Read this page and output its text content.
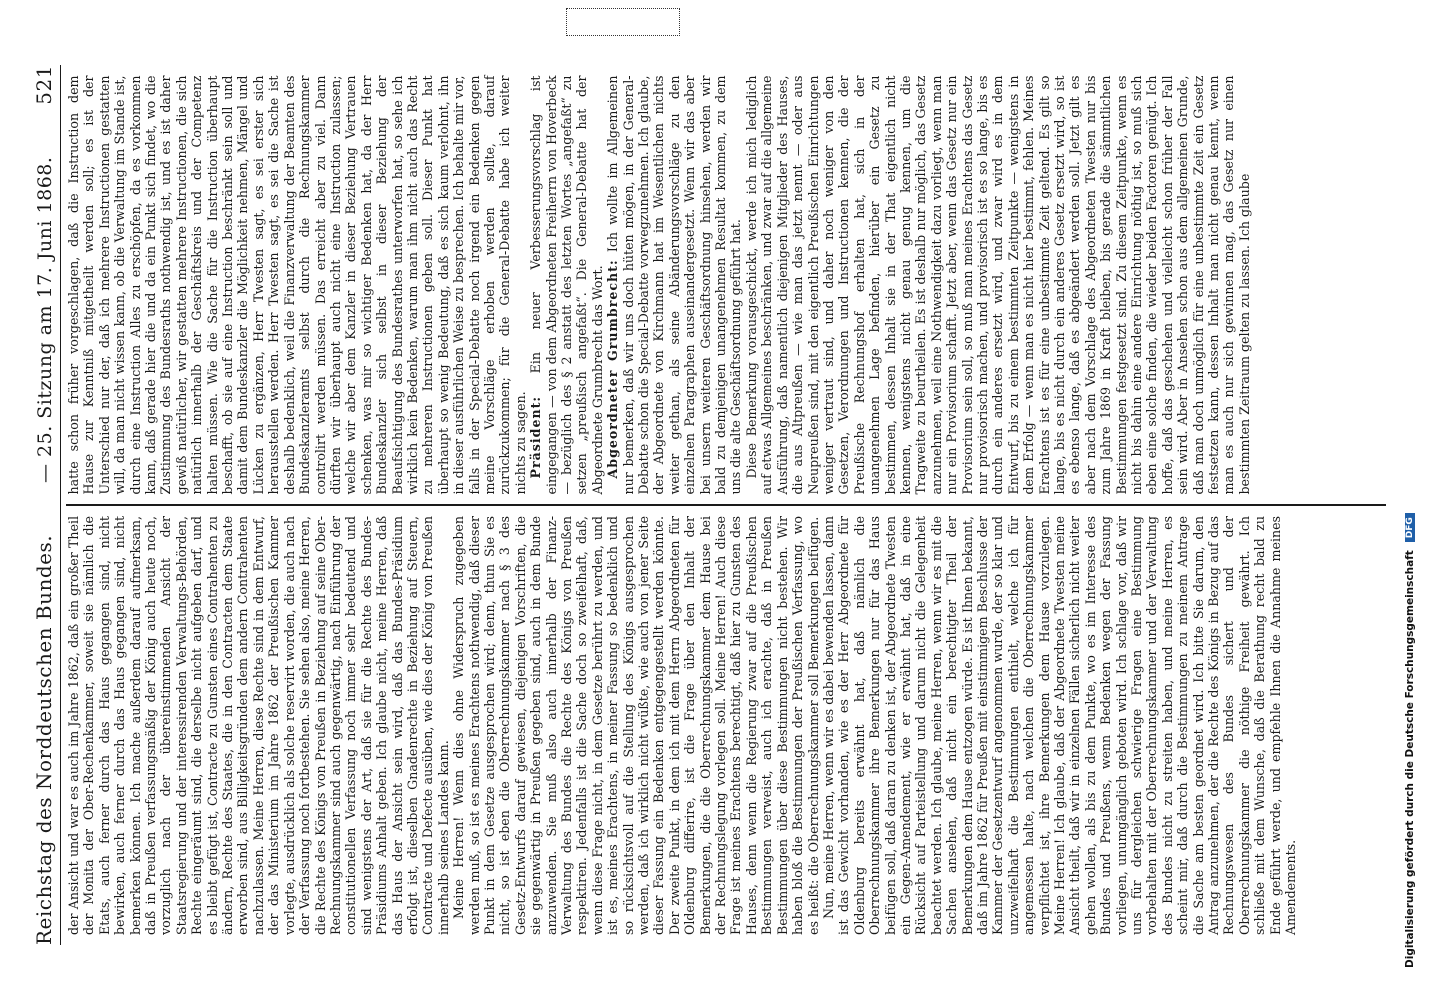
Reichstag des Norddeutschen Bundes.
— 25. Sitzung am 17. Juni 1868.
521

der Ansicht und war es auch im Jahre 1862, daß ein großer Theil der Monita der Ober-Rechenkammer, soweit sie nämlich die Etats, auch ferner durch das Haus gegangen sind, nicht bewirken, auch ferner durch das Haus gegangen sind, nicht bemerken können. Ich mache außerdem darauf aufmerksam, daß in Preußen verfassungsmäßig der König auch heute noch, vorzuglich nach der übereinstimmenden Ansicht der Staatsregierung und der interessirenden Verwaltungs-Behörden, Rechte eingeräumt sind, die derselbe nicht aufgeben darf, und es bleibt gefügt ist, Contracte zu Gunsten eines Contrahenten zu ändern, Rechte des Staates, die in den Contracten dem Staate erworben sind, aus Billigkeitsgründen dem andern Contrahenten nachzulassen. Meine Herren, diese Rechte sind in dem Entwurf, der das Ministerium im Jahre 1862 der Preußischen Kammer vorlegte, ausdrücklich als solche reservirt worden, die auch nach der Verfassung noch fortbestehen. Sie sehen also, meine Herren, die Rechte des Königs von Preußen in Beziehung auf seine Ober-Rechnungskammer sind auch gegenwärtig, nach Einführung der constitutionellen Verfassung noch immer sehr bedeutend und sind wenigstens der Art, daß sie für die Rechte des Bundes-Präsidiums Anhalt geben. Ich glaube nicht, meine Herren, daß das Haus der Ansicht sein wird, daß das Bundes-Präsidium erfolgt ist, dieselben Gnadenrechte in Beziehung auf Steuern, Contracte und Defecte ausüben, wie dies der König von Preußen innerhalb seines Landes kann. Meine Herren! Wenn dies ohne Widerspruch zugegeben werden muß, so ist es meines Erachtens nothwendig, daß dieser Punkt in dem Gesetze ausgesprochen wird; denn, thun Sie es nicht, so ist eben die Oberrechnungskammer nach § 3 des Gesetz-Entwurfs darauf gewiesen, diejenigen Vorschriften, die sie gegenwärtig in Preußen gegeben sind, auch in dem Bunde anzuwenden. Sie muß also auch innerhalb der Finanz-Verwaltung des Bundes die Rechte des Königs von Preußen respektiren. Jedenfalls ist die Sache doch so zweifelhaft, daß, wenn diese Frage nicht, in dem Gesetze berührt zu werden, und ist es, meines Erachtens, in meiner Fassung so bedenklich und so rücksichtsvoll auf die Stellung des Königs ausgesprochen werden, daß ich wirklich nicht wüßte, wie auch von jener Seite dieser Fassung ein Bedenken entgegengestellt werden könnte. Der zweite Punkt, in dem ich mit dem Herrn Abgeordneten für Oldenburg differire, ist die Frage über den Inhalt der Bemerkungen, die die Oberrechnungskammer dem Hause bei der Rechnungslegung vorlegen soll. Meine Herren! Auch diese Frage ist meines Erachtens berechtigt, daß hier zu Gunsten des Hauses, denn wenn die Regierung zwar auf die Preußischen Bestimmungen verweist, auch ich erachte, daß in Preußen Bestimmungen über diese Bestimmungen nicht bestehen. Wir haben bloß die Bestimmungen der Preußischen Verfassung, wo es heißt: die Oberrechnungskammer soll Bemerkungen beifügen. Nun, meine Herren, wenn wir es dabei bewenden lassen, dann ist das Gewicht vorhanden, wie es der Herr Abgeordnete für Oldenburg bereits erwähnt hat, daß nämlich die Oberrechnungskammer ihre Bemerkungen nur für das Haus beifügen soll, daß daran zu denken ist, der Abgeordnete Twesten ein Gegen-Amendement, wie er erwähnt hat, daß in eine Rücksicht auf Parteistellung und darum nicht die Gelegenheit beachtet werden. Ich glaube, meine Herren, wenn wir es mit die Sachen ansehen, daß nicht ein berechtigter Theil der Bemerkungen dem Hause entzogen würde. Es ist Ihnen bekannt, daß im Jahre 1862 für Preußen mit einstimmigem Beschlusse der Kammer der Gesetzentwurf angenommen wurde, der so klar und unzweifelhaft die Bestimmungen enthielt, welche ich für angemessen halte, nach welchen die Oberrechnungskammer verpflichtet ist, ihre Bemerkungen dem Hause vorzulegen. Meine Herren! Ich glaube, daß der Abgeordnete Twesten meine Ansicht theilt, daß wir in einzelnen Fällen sicherlich nicht weiter gehen wollen, als bis zu dem Punkte, wo es im Interesse des Bundes und Preußens, wenn Bedenken wegen der Fassung vorliegen, unumgänglich geboten wird. Ich schlage vor, daß wir uns für dergleichen schwierige Fragen eine Bestimmung vorbehalten mit der Oberrechnungskammer und der Verwaltung des Bundes nicht zu streiten haben, und meine Herren, es scheint mir, daß durch die Bestimmungen zu meinem Antrage die Sache am besten geordnet wird. Ich bitte Sie darum, den Antrag anzunehmen, der die Rechte des Königs in Bezug auf das Rechnungswesen des Bundes sichert und der Oberrechnungskammer die nöthige Freiheit gewährt. Ich schließe mit dem Wunsche, daß die Berathung recht bald zu Ende geführt werde, und empfehle Ihnen die Annahme meines Amendements.

hatte schon früher vorgeschlagen, daß die Instruction dem Hause zur Kenntniß mitgetheilt werden soll; es ist der Unterschied nur der, daß ich mehrere Instructionen gestatten will, da man nicht wissen kann, ob die Verwaltung im Stande ist, durch eine Instruction Alles zu erschöpfen, da es vorkommen kann, daß gerade hier die und da ein Punkt sich findet, wo die Zustimmung des Bundesraths nothwendig ist, und es ist daher gewiß natürlicher, wir gestatten mehrere Instructionen, die sich natürlich innerhalb der Geschäftskreis und der Competenz halten müssen. Wie die Sache für die Instruction überhaupt beschafft, ob sie auf eine Instruction beschränkt sein soll und damit dem Bundeskanzler die Möglichkeit nehmen, Mängel und Lücken zu ergänzen, Herr Twesten sagt, es sei erster sich herausstellen werden. Herr Twesten sagt, es sei die Sache ist deshalb bedenklich, weil die Finanzverwaltung der Beamten des Bundeskanzleramts selbst durch die Rechnungskammer controlirt werden müssen. Das erreicht aber zu viel. Dann dürften wir überhaupt auch nicht eine Instruction zulassen; welche wir aber dem Kanzler in dieser Beziehung Vertrauen schenken, was mir so wichtiger Bedenken hat, da der Herr Bundeskanzler sich selbst in dieser Beziehung der Beaufsichtigung des Bundesrathes unterworfen hat, so sehe ich wirklich kein Bedenken, warum man ihm nicht auch das Recht zu mehreren Instructionen geben soll. Dieser Punkt hat überhaupt so wenig Bedeutung, daß es sich kaum verlohnt, ihn in dieser ausführlichen Weise zu besprechen. Ich behalte mir vor, falls in der Special-Debatte noch irgend ein Bedenken gegen meine Vorschläge erhoben werden sollte, darauf zurückzukommen; für die General-Debatte habe ich weiter nichts zu sagen. Präsident: Ein neuer Verbesserungsvorschlag ist eingegangen — von dem Abgeordneten Freiherrn von Hoverbeck — bezüglich des § 2 anstatt des letzten Wortes „angefaßt“ zu setzen „preußisch angefaßt“. Die General-Debatte hat der Abgeordnete Grumbrecht das Wort. Abgeordneter Grumbrecht: Ich wollte im Allgemeinen nur bemerken, daß wir uns doch hüten mögen, in der General-Debatte schon die Special-Debatte vorwegzunehmen. Ich glaube, der Abgeordnete von Kirchmann hat im Wesentlichen nichts weiter gethan, als seine Abänderungsvorschläge zu den einzelnen Paragraphen auseinandergesetzt. Wenn wir das aber bei unsern weiteren Geschäftsordnung hinsehen, werden wir bald zu demjenigen unangenehmen Resultat kommen, zu dem uns die alte Geschäftsordnung geführt hat. Diese Bemerkung vorausgeschickt, werde ich mich lediglich auf etwas Allgemeines beschränken, und zwar auf die allgemeine Ausführung, daß namentlich diejenigen Mitglieder des Hauses, die aus Altpreußen — wie man das jetzt nennt — oder aus Neupreußen sind, mit den eigentlich Preußischen Einrichtungen weniger vertraut sind, und daher noch weniger von den Gesetzen, Verordnungen und Instructionen kennen, die der Preußische Rechnungshof erhalten hat, sich in der unangenehmen Lage befinden, hierüber ein Gesetz zu bestimmen, dessen Inhalt sie in der That eigentlich nicht kennen, wenigstens nicht genau genug kennen, um die Tragweite zu beurtheilen. Es ist deshalb nur möglich, das Gesetz anzunehmen, weil eine Nothwendigkeit dazu vorliegt, wenn man nur ein Provisorium schafft. Jetzt aber, wenn das Gesetz nur ein Provisorium sein soll, so muß man meines Erachtens das Gesetz nur provisorisch machen, und provisorisch ist es so lange, bis es durch ein anderes ersetzt wird, und zwar wird es in dem Entwurf, bis zu einem bestimmten Zeitpunkte — wenigstens in dem Erfolg — wenn man es nicht hier bestimmt, fehlen. Meines Erachtens ist es für eine unbestimmte Zeit geltend. Es gilt so lange, bis es nicht durch ein anderes Gesetz ersetzt wird, so ist es ebenso lange, daß es abgeändert werden soll. Jetzt gilt es aber nach dem Vorschlage des Abgeordneten Twesten nur bis zum Jahre 1869 in Kraft bleiben, bis gerade die sämmtlichen Bestimmungen festgesetzt sind. Zu diesem Zeitpunkte, wenn es nicht bis dahin eine andere Einrichtung nöthig ist, so muß sich eben eine solche finden, die wieder beiden Factoren genügt. Ich hoffe, daß das geschehen und vielleicht schon früher der Fall sein wird. Aber in Ansehen schon aus dem allgemeinen Grunde, daß man doch unmöglich für eine unbestimmte Zeit ein Gesetz festsetzen kann, dessen Inhalt man nicht genau kennt, wenn man es auch nur sich gewinnen mag, das Gesetz nur einen bestimmten Zeitraum gelten zu lassen. Ich glaube

Digitalisierung gefördert durch die Deutsche Forschungsgemeinschaft
DFG
